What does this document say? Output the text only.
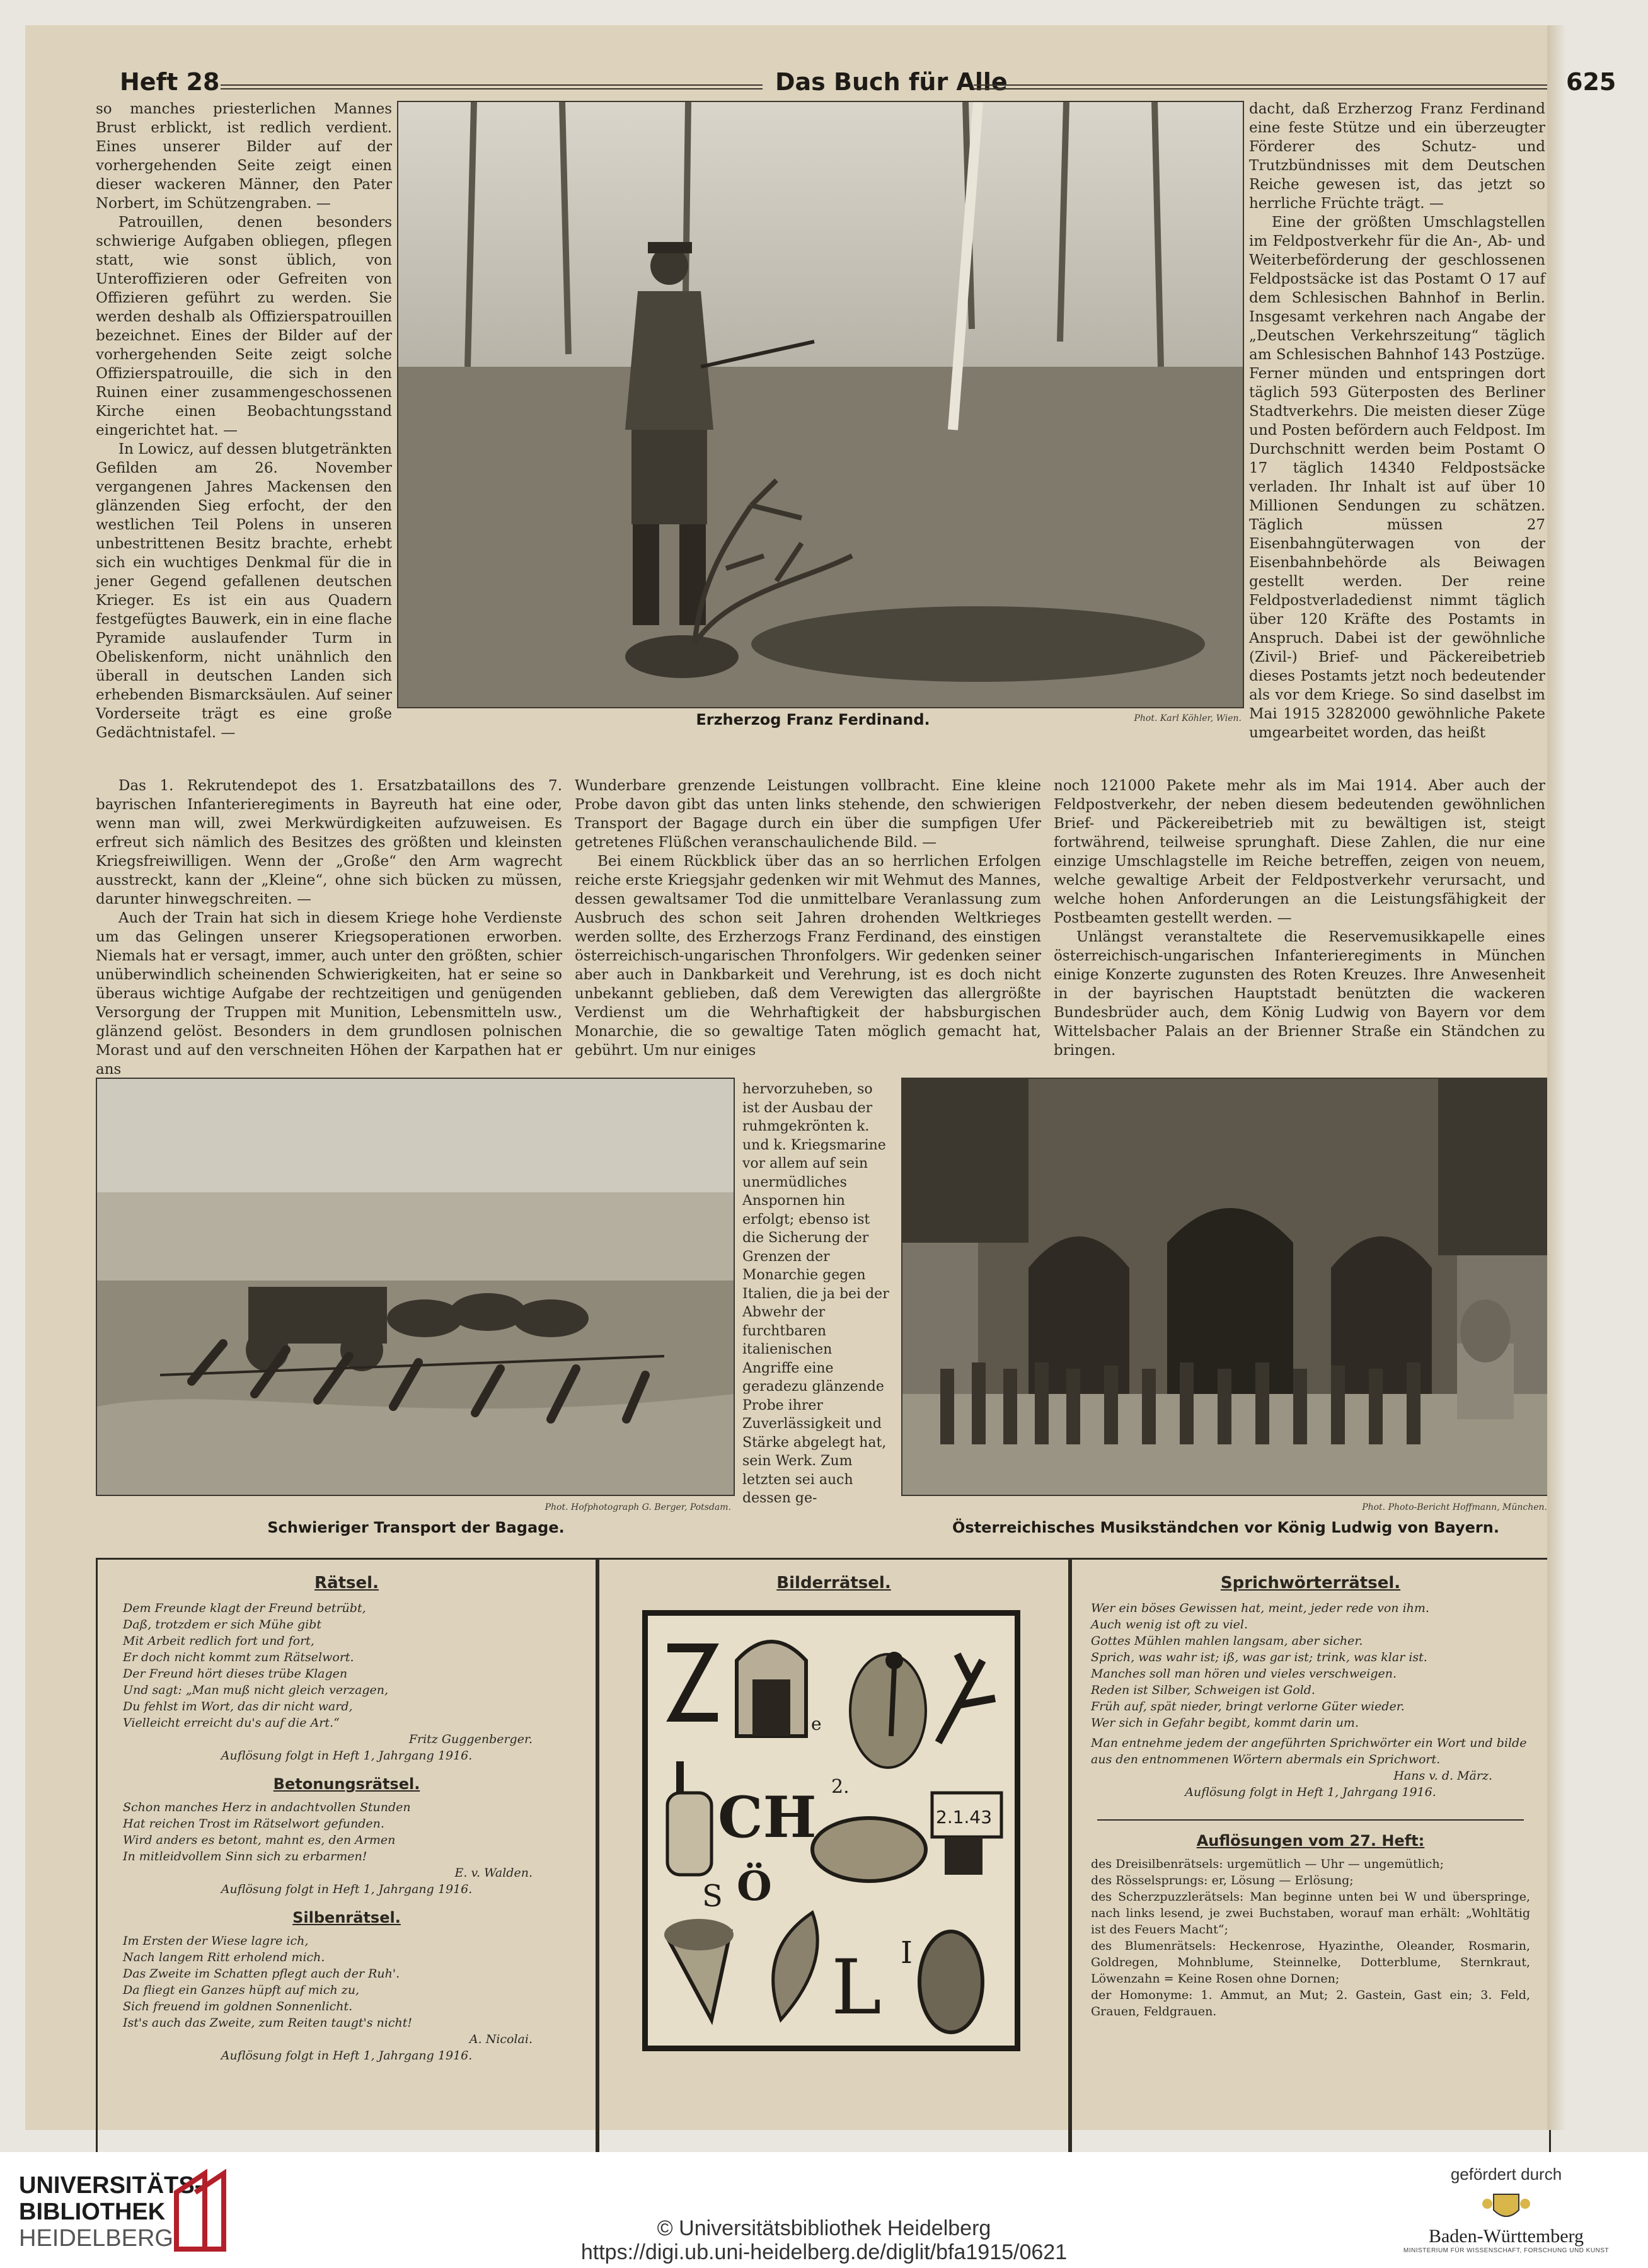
Heft 28	Das Buch für Alle	625

so manches priesterlichen Mannes Brust erblickt, ist redlich verdient. Eines unserer Bilder auf der vorhergehenden Seite zeigt einen dieser wackeren Männer, den Pater Norbert, im Schützengraben. —

Patrouillen, denen besonders schwierige Aufgaben obliegen, pflegen statt, wie sonst üblich, von Unteroffizieren oder Gefreiten von Offizieren geführt zu werden. Sie werden deshalb als Offizierspatrouillen bezeichnet. Eines der Bilder auf der vorhergehenden Seite zeigt solche Offizierspatrouille, die sich in den Ruinen einer zusammengeschossenen Kirche einen Beobachtungsstand eingerichtet hat. —

In Lowicz, auf dessen blutgetränkten Gefilden am 26. November vergangenen Jahres Mackensen den glänzenden Sieg erfocht, der den westlichen Teil Polens in unseren unbestrittenen Besitz brachte, erhebt sich ein wuchtiges Denkmal für die in jener Gegend gefallenen deutschen Krieger. Es ist ein aus Quadern festgefügtes Bauwerk, ein in eine flache Pyramide auslaufender Turm in Obeliskenform, nicht unähnlich den überall in deutschen Landen sich erhebenden Bismarcksäulen. Auf seiner Vorderseite trägt es eine große Gedächtnistafel. —

Erzherzog Franz Ferdinand.	Phot. Karl Köhler, Wien.

dacht, daß Erzherzog Franz Ferdinand eine feste Stütze und ein überzeugter Förderer des Schutz- und Trutzbündnisses mit dem Deutschen Reiche gewesen ist, das jetzt so herrliche Früchte trägt. —

Eine der größten Umschlagstellen im Feldpostverkehr für die An-, Ab- und Weiterbeförderung der geschlossenen Feldpostsäcke ist das Postamt O 17 auf dem Schlesischen Bahnhof in Berlin. Insgesamt verkehren nach Angabe der „Deutschen Verkehrszeitung“ täglich am Schlesischen Bahnhof 143 Postzüge. Ferner münden und entspringen dort täglich 593 Güterposten des Berliner Stadtverkehrs. Die meisten dieser Züge und Posten befördern auch Feldpost. Im Durchschnitt werden beim Postamt O 17 täglich 14340 Feldpostsäcke verladen. Ihr Inhalt ist auf über 10 Millionen Sendungen zu schätzen. Täglich müssen 27 Eisenbahngüterwagen von der Eisenbahnbehörde als Beiwagen gestellt werden. Der reine Feldpostverladedienst nimmt täglich über 120 Kräfte des Postamts in Anspruch. Dabei ist der gewöhnliche (Zivil-) Brief- und Päckereibetrieb dieses Postamts jetzt noch bedeutender als vor dem Kriege. So sind daselbst im Mai 1915 3282000 gewöhnliche Pakete umgearbeitet worden, das heißt

Das 1. Rekrutendepot des 1. Ersatzbataillons des 7. bayrischen Infanterieregiments in Bayreuth hat eine oder, wenn man will, zwei Merkwürdigkeiten aufzuweisen. Es erfreut sich nämlich des Besitzes des größten und kleinsten Kriegsfreiwilligen. Wenn der „Große“ den Arm wagrecht ausstreckt, kann der „Kleine“, ohne sich bücken zu müssen, darunter hinwegschreiten. —

Auch der Train hat sich in diesem Kriege hohe Verdienste um das Gelingen unserer Kriegsoperationen erworben. Niemals hat er versagt, immer, auch unter den größten, schier unüberwindlich scheinenden Schwierigkeiten, hat er seine so überaus wichtige Aufgabe der rechtzeitigen und genügenden Versorgung der Truppen mit Munition, Lebensmitteln usw., glänzend gelöst. Besonders in dem grundlosen polnischen Morast und auf den verschneiten Höhen der Karpathen hat er ans

Wunderbare grenzende Leistungen vollbracht. Eine kleine Probe davon gibt das unten links stehende, den schwierigen Transport der Bagage durch ein über die sumpfigen Ufer getretenes Flüßchen veranschaulichende Bild. —

Bei einem Rückblick über das an so herrlichen Erfolgen reiche erste Kriegsjahr gedenken wir mit Wehmut des Mannes, dessen gewaltsamer Tod die unmittelbare Veranlassung zum Ausbruch des schon seit Jahren drohenden Weltkrieges werden sollte, des Erzherzogs Franz Ferdinand, des einstigen österreichisch-ungarischen Thronfolgers. Wir gedenken seiner aber auch in Dankbarkeit und Verehrung, ist es doch nicht unbekannt geblieben, daß dem Verewigten das allergrößte Verdienst um die Wehrhaftigkeit der habsburgischen Monarchie, die so gewaltige Taten möglich gemacht hat, gebührt. Um nur einiges

noch 121000 Pakete mehr als im Mai 1914. Aber auch der Feldpostverkehr, der neben diesem bedeutenden gewöhnlichen Brief- und Päckereibetrieb mit zu bewältigen ist, steigt fortwährend, teilweise sprunghaft. Diese Zahlen, die nur eine einzige Umschlagstelle im Reiche betreffen, zeigen von neuem, welche gewaltige Arbeit der Feldpostverkehr verursacht, und welche hohen Anforderungen an die Leistungsfähigkeit der Postbeamten gestellt werden. —

Unlängst veranstaltete die Reservemusikkapelle eines österreichisch-ungarischen Infanterieregiments in München einige Konzerte zugunsten des Roten Kreuzes. Ihre Anwesenheit in der bayrischen Hauptstadt benützten die wackeren Bundesbrüder auch, dem König Ludwig von Bayern vor dem Wittelsbacher Palais an der Brienner Straße ein Ständchen zu bringen.

Schwieriger Transport der Bagage.
Phot. Hofphotograph G. Berger, Potsdam.

hervorzuheben, so ist der Ausbau der ruhmgekrönten k. und k. Kriegsmarine vor allem auf sein unermüdliches Anspornen hin erfolgt; ebenso ist die Sicherung der Grenzen der Monarchie gegen Italien, die ja bei der Abwehr der furchtbaren italienischen Angriffe eine geradezu glänzende Probe ihrer Zuverlässigkeit und Stärke abgelegt hat, sein Werk. Zum letzten sei auch dessen ge-

Österreichisches Musikständchen vor König Ludwig von Bayern.
Phot. Photo-Bericht Hoffmann, München.
Rätsel.
Dem Freunde klagt der Freund betrübt,
Daß, trotzdem er sich Mühe gibt
Mit Arbeit redlich fort und fort,
Er doch nicht kommt zum Rätselwort.
Der Freund hört dieses trübe Klagen
Und sagt: „Man muß nicht gleich verzagen,
Du fehlst im Wort, das dir nicht ward,
Vielleicht erreicht du's auf die Art.“
Fritz Guggenberger.
Auflösung folgt in Heft 1, Jahrgang 1916.
Betonungsrätsel.
Schon manches Herz in andachtvollen Stunden
Hat reichen Trost im Rätselwort gefunden.
Wird anders es betont, mahnt es, den Armen
In mitleidvollem Sinn sich zu erbarmen!
E. v. Walden.
Auflösung folgt in Heft 1, Jahrgang 1916.
Silbenrätsel.
Im Ersten der Wiese lagre ich,
Nach langem Ritt erholend mich.
Das Zweite im Schatten pflegt auch der Ruh'.
Da fliegt ein Ganzes hüpft auf mich zu,
Sich freuend im goldnen Sonnenlicht.
Ist's auch das Zweite, zum Reiten taugt's nicht!
A. Nicolai.
Auflösung folgt in Heft 1, Jahrgang 1916.
Bilderrätsel.
e
CH
Ö
S
2.
2.1.43
L I
Sprichwörterrätsel.
Wer ein böses Gewissen hat, meint, jeder rede von ihm.
Auch wenig ist oft zu viel.
Gottes Mühlen mahlen langsam, aber sicher.
Sprich, was wahr ist; iß, was gar ist; trink, was klar ist.
Manches soll man hören und vieles verschweigen.
Reden ist Silber, Schweigen ist Gold.
Früh auf, spät nieder, bringt verlorne Güter wieder.
Wer sich in Gefahr begibt, kommt darin um.
Man entnehme jedem der angeführten Sprichwörter ein Wort und bilde aus den entnommenen Wörtern abermals ein Sprichwort.
Hans v. d. März.
Auflösung folgt in Heft 1, Jahrgang 1916.
Auflösungen vom 27. Heft:
des Dreisilbenrätsels: urgemütlich — Uhr — ungemütlich;
des Rösselsprungs: er, Lösung — Erlösung;
des Scherzpuzzlerätsels: Man beginne unten bei W und überspringe, nach links lesend, je zwei Buchstaben, worauf man erhält: „Wohltätig ist des Feuers Macht“;
des Blumenrätsels: Heckenrose, Hyazinthe, Oleander, Rosmarin, Goldregen, Mohnblume, Steinnelke, Dotterblume, Sternkraut, Löwenzahn = Keine Rosen ohne Dornen;
der Homonyme: 1. Ammut, an Mut; 2. Gastein, Gast ein; 3. Feld, Grauen, Feldgrauen.
UNIVERSITÄTS-
BIBLIOTHEK
HEIDELBERG	© Universitätsbibliothek Heidelberg
https://digi.ub.uni-heidelberg.de/diglit/bfa1915/0621
gefördert durch
Baden-Württemberg
MINISTERIUM FÜR WISSENSCHAFT, FORSCHUNG UND KUNST
